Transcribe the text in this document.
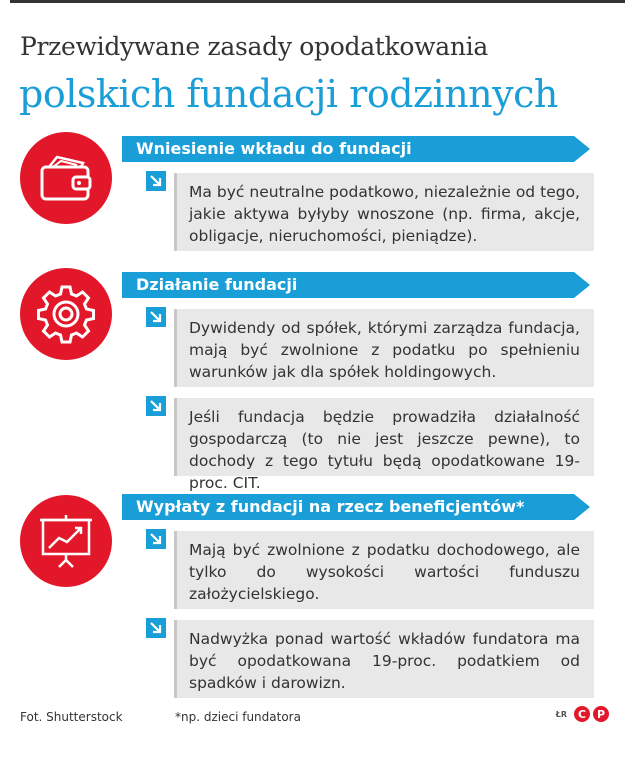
Przewidywane zasady opodatkowania
polskich fundacji rodzinnych
Wniesienie wkładu do fundacji
Ma być neutralne podatkowo, niezależnie od tego, jakie aktywa byłyby wnoszone (np. firma, akcje, obligacje, nieruchomości, pieniądze).
Działanie fundacji
Dywidendy od spółek, którymi zarządza fundacja, mają być zwolnione z podatku po spełnieniu warunków jak dla spółek holdingowych.
Jeśli fundacja będzie prowadziła działalność gospodarczą (to nie jest jeszcze pewne), to dochody z tego tytułu będą opodatkowane 19-proc. CIT.
Wypłaty z fundacji na rzecz beneficjentów*
Mają być zwolnione z podatku dochodowego, ale tylko do wysokości wartości funduszu założycielskiego.
Nadwyżka ponad wartość wkładów fundatora ma być opodatkowana 19-proc. podatkiem od spadków i darowizn.
Fot. Shutterstock	*np. dzieci fundatora	ŁR C P
